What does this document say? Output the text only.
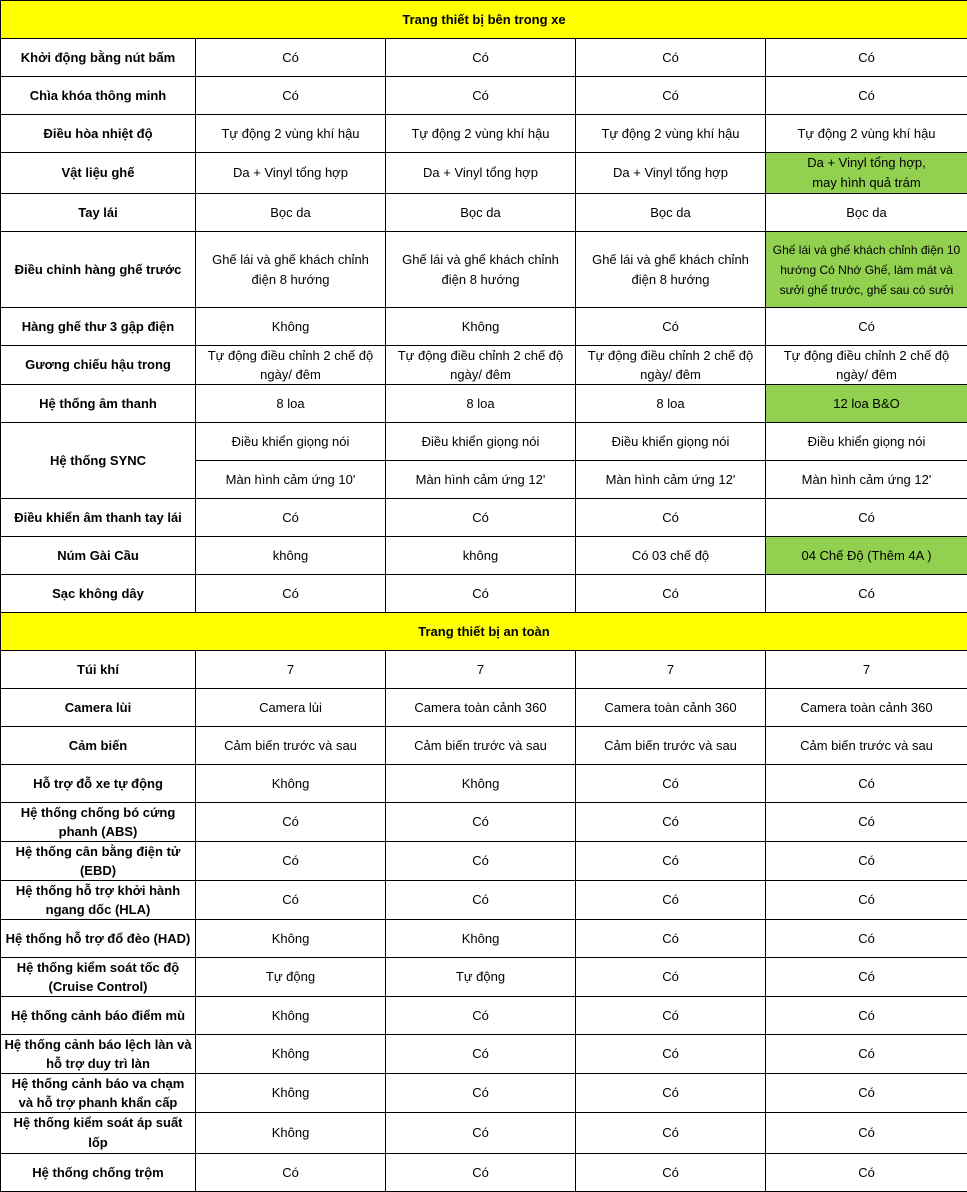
Trang thiết bị bên trong xe				
Khởi động bằng nút bấm	Có	Có	Có	Có
Chìa khóa thông minh	Có	Có	Có	Có
Điều hòa nhiệt độ	Tự động 2 vùng khí hậu	Tự động 2 vùng khí hậu	Tự động 2 vùng khí hậu	Tự động 2 vùng khí hậu
Vật liệu ghế	Da + Vinyl tổng hợp	Da + Vinyl tổng hợp	Da + Vinyl tổng hợp	Da + Vinyl tổng hợp,
may hình quả trám
Tay lái	Bọc da	Bọc da	Bọc da	Bọc da
Điều chỉnh hàng ghế trước	Ghế lái và ghế khách chỉnh điện 8 hướng	Ghế lái và ghế khách chỉnh điện 8 hướng	Ghế lái và ghế khách chỉnh điện 8 hướng	Ghế lái và ghế khách chỉnh điện 10 hướng Có Nhớ Ghế, làm mát và sưởi ghế trước, ghế sau có sưởi
Hàng ghế thư 3 gập điện	Không	Không	Có	Có
Gương chiếu hậu trong	Tự động điều chỉnh 2 chế độ ngày/ đêm	Tự động điều chỉnh 2 chế độ ngày/ đêm	Tự động điều chỉnh 2 chế độ ngày/ đêm	Tự động điều chỉnh 2 chế độ ngày/ đêm
Hệ thống âm thanh	8 loa	8 loa	8 loa	12 loa B&O
Hệ thống SYNC	Điều khiển giọng nói	Điều khiển giọng nói	Điều khiển giọng nói	Điều khiển giọng nói
	Màn hình cảm ứng 10'	Màn hình cảm ứng 12'	Màn hình cảm ứng 12'	Màn hình cảm ứng 12'
Điều khiển âm thanh tay lái	Có	Có	Có	Có
Núm Gài Cầu	không	không	Có 03 chế độ	04 Chế Độ (Thêm 4A )
Sạc không dây	Có	Có	Có	Có
Trang thiết bị an toàn				
Túi khí	7	7	7	7
Camera lùi	Camera lùi	Camera toàn cảnh 360	Camera toàn cảnh 360	Camera toàn cảnh 360
Cảm biến	Cảm biến trước và sau	Cảm biến trước và sau	Cảm biến trước và sau	Cảm biến trước và sau
Hỗ trợ đỗ xe tự động	Không	Không	Có	Có
Hệ thống chống bó cứng phanh (ABS)	Có	Có	Có	Có
Hệ thống cân bằng điện tử (EBD)	Có	Có	Có	Có
Hệ thống hỗ trợ khởi hành ngang dốc (HLA)	Có	Có	Có	Có
Hệ thống hỗ trợ đổ đèo (HAD)	Không	Không	Có	Có
Hệ thống kiểm soát tốc độ (Cruise Control)	Tự động	Tự động	Có	Có
Hệ thống cảnh báo điểm mù	Không	Có	Có	Có
Hệ thống cảnh báo lệch làn và hỗ trợ duy trì làn	Không	Có	Có	Có
Hệ thống cảnh báo va chạm và hỗ trợ phanh khẩn cấp	Không	Có	Có	Có
Hệ thống kiểm soát áp suất lốp	Không	Có	Có	Có
Hệ thống chống trộm	Có	Có	Có	Có
